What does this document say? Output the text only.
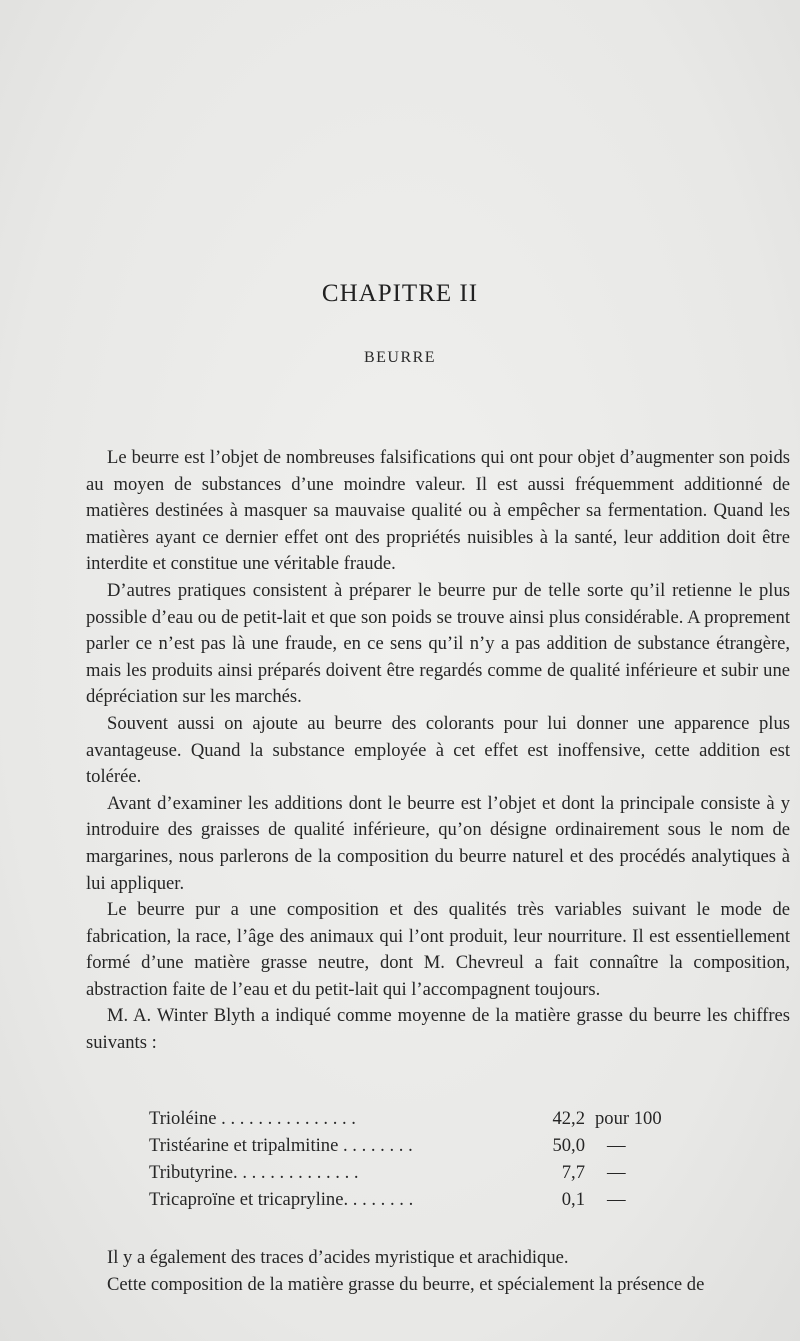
CHAPITRE II
BEURRE

Le beurre est l’objet de nombreuses falsifications qui ont pour objet d’augmenter son poids au moyen de substances d’une moindre valeur. Il est aussi fréquemment additionné de matières destinées à masquer sa mauvaise qualité ou à empêcher sa fermentation. Quand les matières ayant ce dernier effet ont des propriétés nuisibles à la santé, leur addition doit être interdite et constitue une véritable fraude.

D’autres pratiques consistent à préparer le beurre pur de telle sorte qu’il retienne le plus possible d’eau ou de petit-lait et que son poids se trouve ainsi plus considérable. A proprement parler ce n’est pas là une fraude, en ce sens qu’il n’y a pas addition de substance étrangère, mais les produits ainsi préparés doivent être regardés comme de qualité inférieure et subir une dépréciation sur les marchés.

Souvent aussi on ajoute au beurre des colorants pour lui donner une apparence plus avantageuse. Quand la substance employée à cet effet est inoffensive, cette addition est tolérée.

Avant d’examiner les additions dont le beurre est l’objet et dont la principale consiste à y introduire des graisses de qualité inférieure, qu’on désigne ordinairement sous le nom de margarines, nous parlerons de la composition du beurre naturel et des procédés analytiques à lui appliquer.

Le beurre pur a une composition et des qualités très variables suivant le mode de fabrication, la race, l’âge des animaux qui l’ont produit, leur nourriture. Il est essentiellement formé d’une matière grasse neutre, dont M. Chevreul a fait connaître la composition, abstraction faite de l’eau et du petit-lait qui l’accompagnent toujours.

M. A. Winter Blyth a indiqué comme moyenne de la matière grasse du beurre les chiffres suivants :

Trioléine . . . . . . . . . . . . . . .	42,2 pour 100
Tristéarine et tripalmitine . . . . . . . .	50,0	—
Tributyrine. . . . . . . . . . . . . .	7,7	—
Tricaproïne et tricapryline. . . . . . . .	0,1	—

Il y a également des traces d’acides myristique et arachidique.

Cette composition de la matière grasse du beurre, et spécialement la présence de
